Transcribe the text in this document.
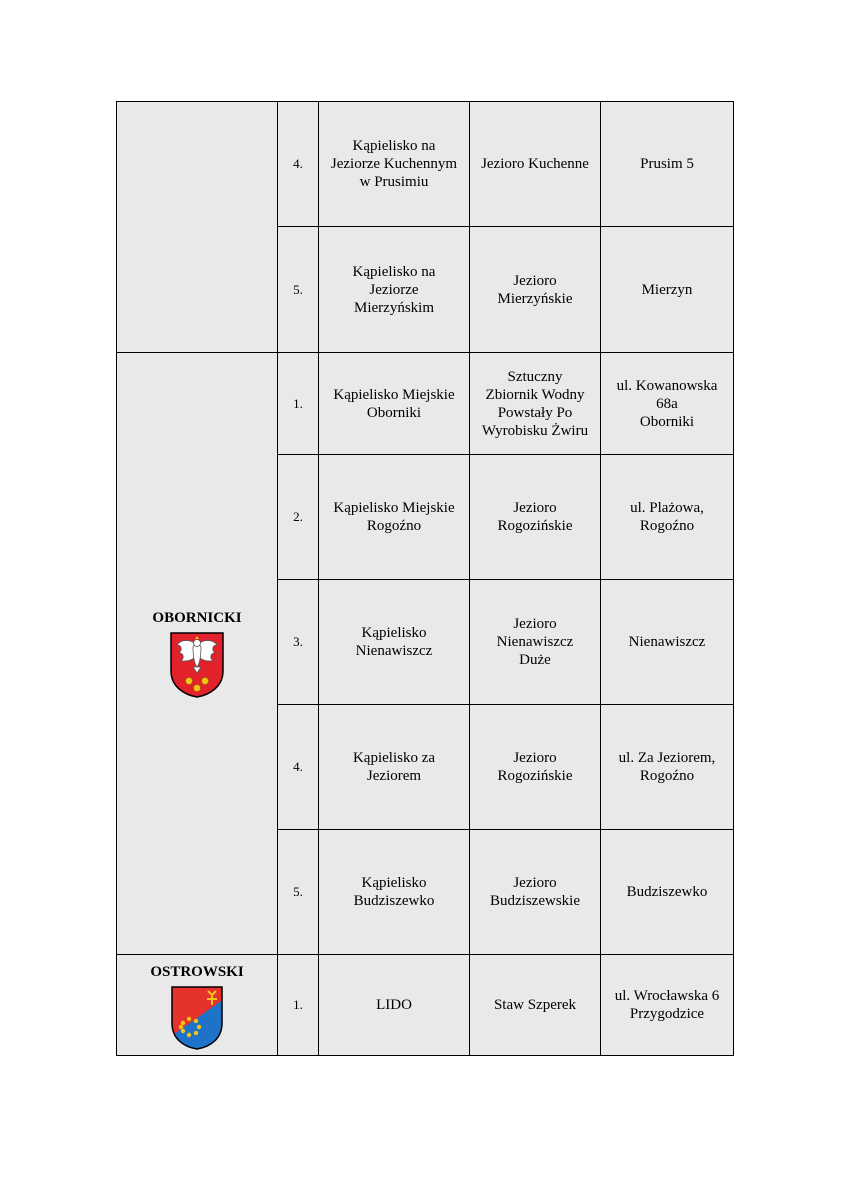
	4.	Kąpielisko na
Jeziorze Kuchennym
w Prusimiu	Jezioro Kuchenne	Prusim 5

	5.	Kąpielisko na
Jeziorze
Mierzyńskim	Jezioro
Mierzyńskie	Mierzyn

OBORNICKI	1.	Kąpielisko Miejskie
Oborniki	Sztuczny
Zbiornik Wodny
Powstały Po
Wyrobisku Żwiru	ul. Kowanowska
68a
Oborniki

	2.	Kąpielisko Miejskie
Rogoźno	Jezioro
Rogozińskie	ul. Plażowa,
Rogoźno

	3.	Kąpielisko
Nienawiszcz	Jezioro
Nienawiszcz
Duże	Nienawiszcz

	4.	Kąpielisko za
Jeziorem	Jezioro
Rogozińskie	ul. Za Jeziorem,
Rogoźno

	5.	Kąpielisko
Budziszewko	Jezioro
Budziszewskie	Budziszewko

OSTROWSKI	1.	LIDO	Staw Szperek	ul. Wrocławska 6
Przygodzice
